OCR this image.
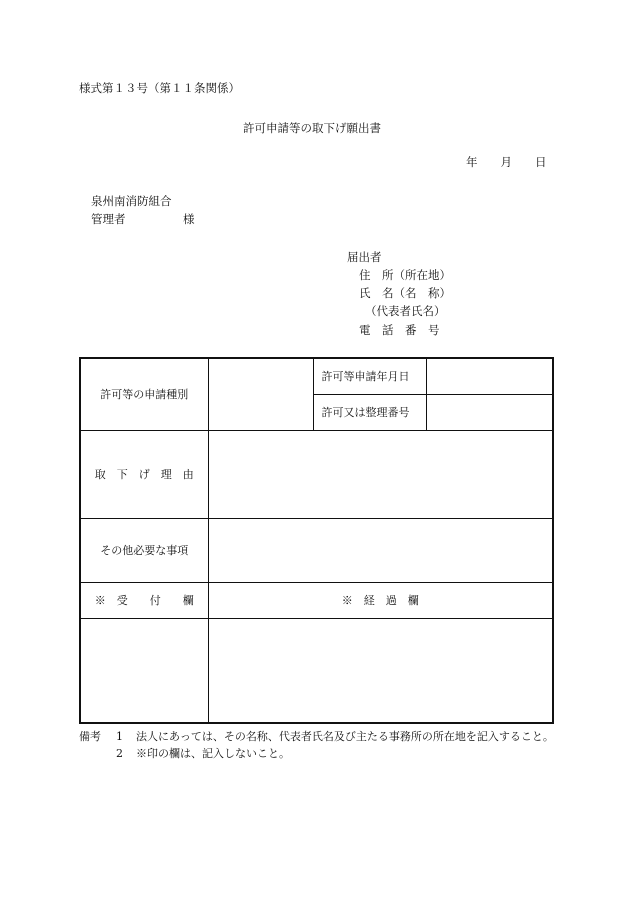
様式第１３号（第１１条関係）
許可申請等の取下げ願出書
年　　月　　日
泉州南消防組合
管理者　　　　　様
届出者
住　所（所在地）
氏　名（名　称）
（代表者氏名）
電　話　番　号
許可等の申請種別		許可等申請年月日	
		許可又は整理番号	
取　下　げ　理　由			
その他必要な事項			
※　受　　付　　欄	※　経　過　欄		

備考 1 法人にあっては、その名称、代表者氏名及び主たる事務所の所在地を記入すること。
2 ※印の欄は、記入しないこと。
